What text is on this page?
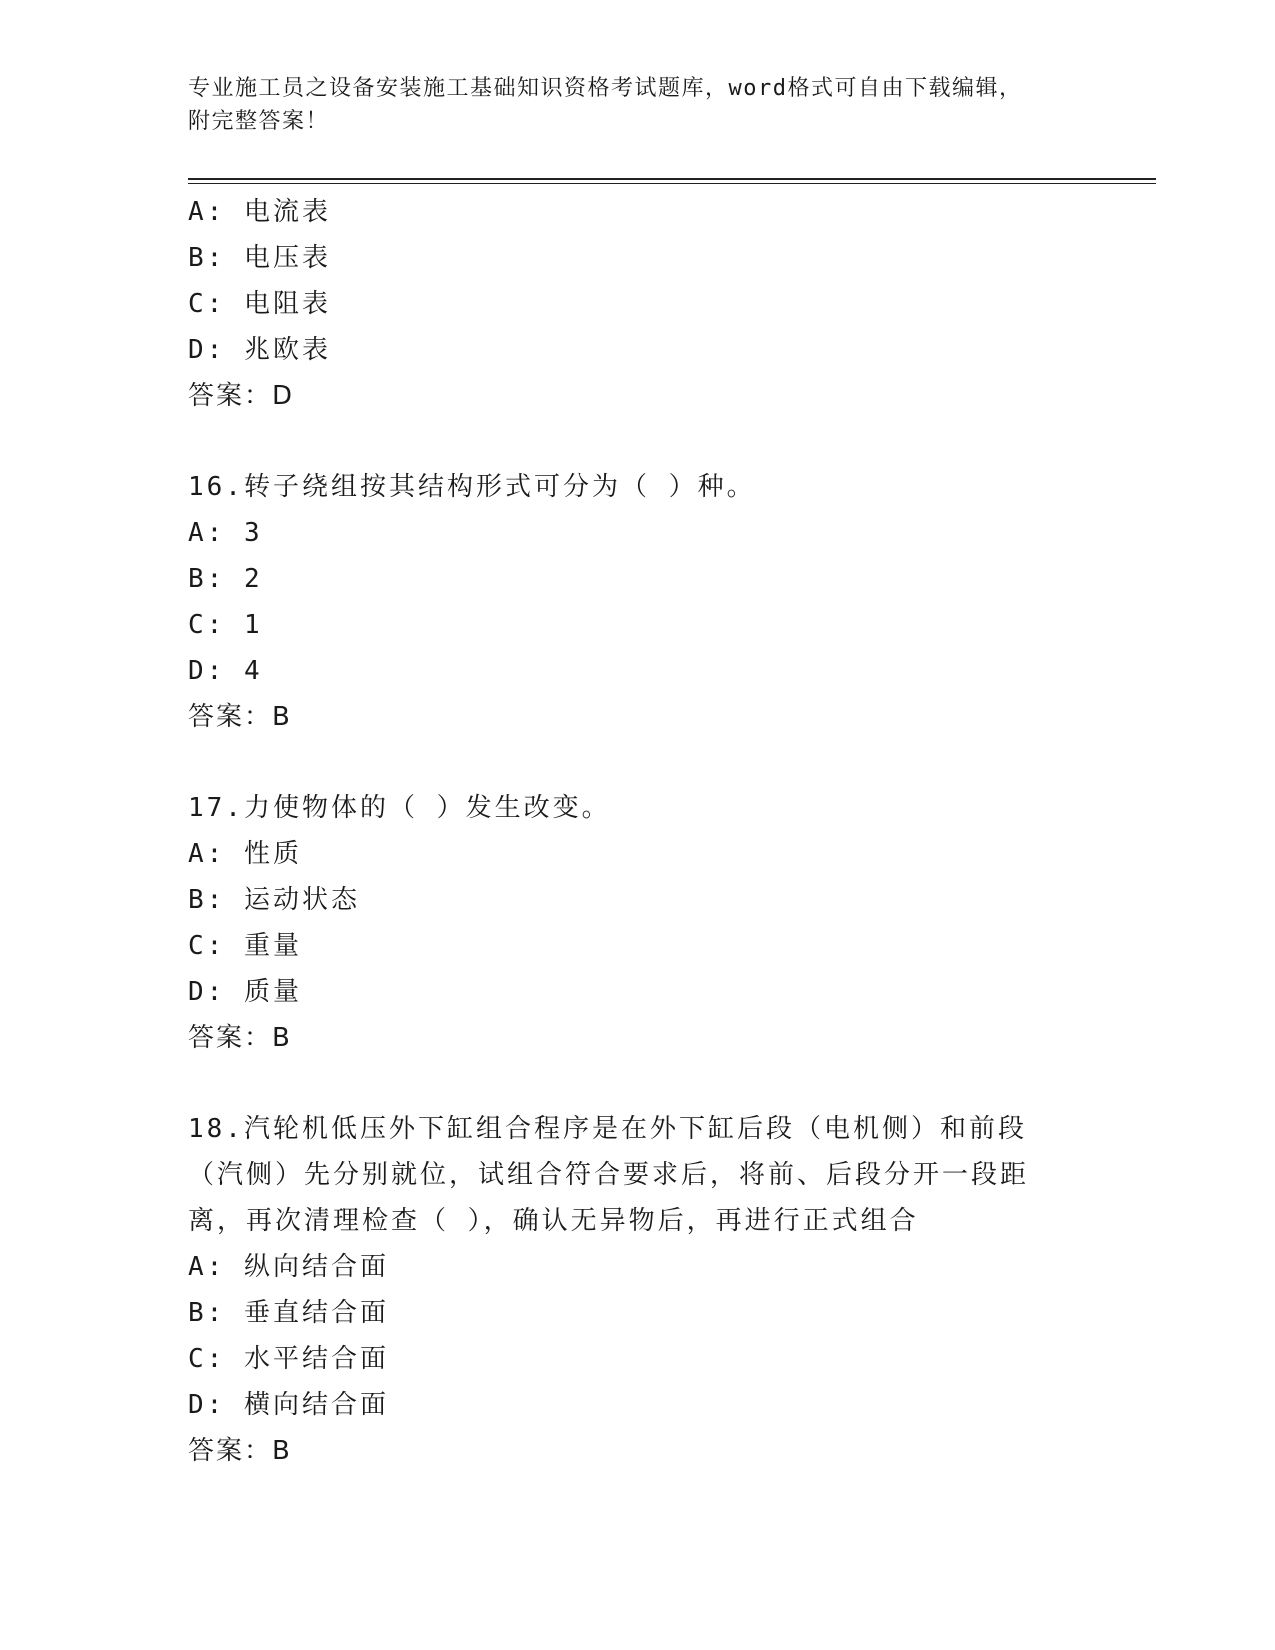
专业施工员之设备安装施工基础知识资格考试题库，word格式可自由下载编辑，
附完整答案！
A: 电流表
B: 电压表
C: 电阻表
D: 兆欧表
答案：D
16.转子绕组按其结构形式可分为（ ）种。
A: 3
B: 2
C: 1
D: 4
答案：B
17.力使物体的（ ）发生改变。
A: 性质
B: 运动状态
C: 重量
D: 质量
答案：B
18.汽轮机低压外下缸组合程序是在外下缸后段（电机侧）和前段（汽侧）先分别就位，试组合符合要求后，将前、后段分开一段距离，再次清理检查（ ），确认无异物后，再进行正式组合
A: 纵向结合面
B: 垂直结合面
C: 水平结合面
D: 横向结合面
答案：B
